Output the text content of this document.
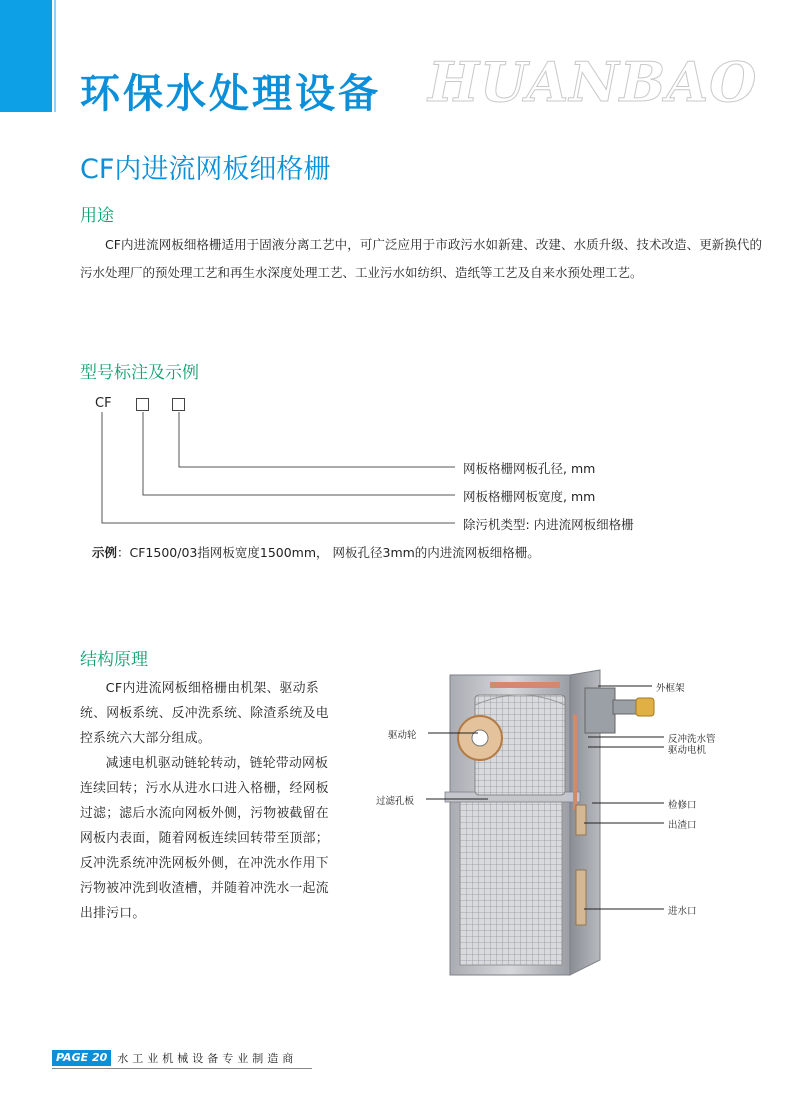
HUANBAO
环保水处理设备
CF内进流网板细格栅
用途
CF内进流网板细格栅适用于固液分离工艺中，可广泛应用于市政污水如新建、改建、水质升级、技术改造、更新换代的污水处理厂的预处理工艺和再生水深度处理工艺、工业污水如纺织、造纸等工艺及自来水预处理工艺。
型号标注及示例
CF
网板格栅网板孔径, mm
网板格栅网板宽度, mm
除污机类型: 内进流网板细格栅
示例：CF1500/03指网板宽度1500mm， 网板孔径3mm的内进流网板细格栅。
结构原理
CF内进流网板细格栅由机架、驱动系统、网板系统、反冲洗系统、除渣系统及电控系统六大部分组成。
减速电机驱动链轮转动，链轮带动网板连续回转；污水从进水口进入格栅，经网板过滤；滤后水流向网板外侧，污物被截留在网板内表面，随着网板连续回转带至顶部；反冲洗系统冲洗网板外侧，在冲洗水作用下污物被冲洗到收渣槽，并随着冲洗水一起流出排污口。
外框架
驱动轮	反冲洗水管
驱动电机
过滤孔板	检修口
出渣口
进水口
PAGE 20 水工业机械设备专业制造商
